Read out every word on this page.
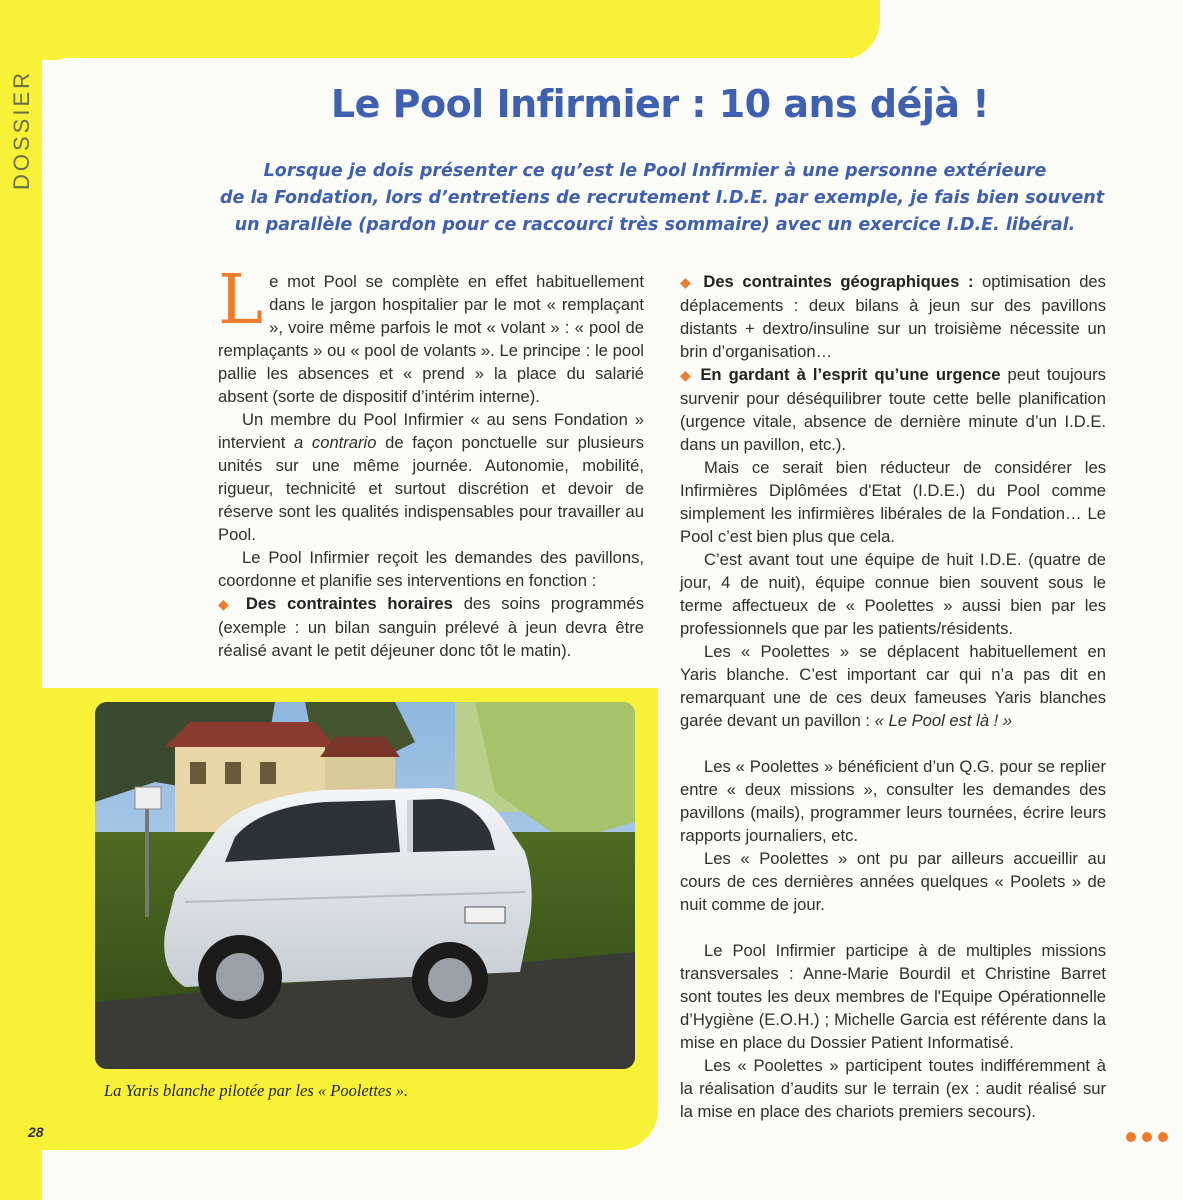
DOSSIER	Le Pool Infirmier : 10 ans déjà !

Lorsque je dois présenter ce qu’est le Pool Infirmier à une personne extérieure

de la Fondation, lors d’entretiens de recrutement I.D.E. par exemple, je fais bien souvent

un parallèle (pardon pour ce raccourci très sommaire) avec un exercice I.D.E. libéral.

Le mot Pool se complète en effet habituellement dans le jargon hospitalier par le mot « remplaçant », voire même parfois le mot « volant » : « pool de remplaçants » ou « pool de volants ». Le principe : le pool pallie les absences et « prend » la place du salarié absent (sorte de dispositif d’intérim interne).

Un membre du Pool Infirmier « au sens Fondation » intervient a contrario de façon ponctuelle sur plusieurs unités sur une même journée. Autonomie, mobilité, rigueur, technicité et surtout discrétion et devoir de réserve sont les qualités indispensables pour travailler au Pool.

Le Pool Infirmier reçoit les demandes des pavillons, coordonne et planifie ses interventions en fonction :

◆ Des contraintes horaires des soins programmés (exemple : un bilan sanguin prélevé à jeun devra être réalisé avant le petit déjeuner donc tôt le matin).

◆ Des contraintes géographiques : optimisation des déplacements : deux bilans à jeun sur des pavillons distants + dextro/insuline sur un troisième nécessite un brin d’organisation…

◆ En gardant à l’esprit qu’une urgence peut toujours survenir pour déséquilibrer toute cette belle planification (urgence vitale, absence de dernière minute d’un I.D.E. dans un pavillon, etc.).

Mais ce serait bien réducteur de considérer les Infirmières Diplômées d'Etat (I.D.E.) du Pool comme simplement les infirmières libérales de la Fondation… Le Pool c’est bien plus que cela.

C’est avant tout une équipe de huit I.D.E. (quatre de jour, 4 de nuit), équipe connue bien souvent sous le terme affectueux de « Poolettes » aussi bien par les professionnels que par les patients/résidents.

Les « Poolettes » se déplacent habituellement en Yaris blanche. C’est important car qui n’a pas dit en remarquant une de ces deux fameuses Yaris blanches garée devant un pavillon : « Le Pool est là ! »

Les « Poolettes » bénéficient d’un Q.G. pour se replier entre « deux missions », consulter les demandes des pavillons (mails), programmer leurs tournées, écrire leurs rapports journaliers, etc.

Les « Poolettes » ont pu par ailleurs accueillir au cours de ces dernières années quelques « Poolets » de nuit comme de jour.

Le Pool Infirmier participe à de multiples missions transversales : Anne-Marie Bourdil et Christine Barret sont toutes les deux membres de l'Equipe Opérationnelle d’Hygiène (E.O.H.) ; Michelle Garcia est référente dans la mise en place du Dossier Patient Informatisé.

Les « Poolettes » participent toutes indifféremment à la réalisation d’audits sur le terrain (ex : audit réalisé sur la mise en place des chariots premiers secours).

La Yaris blanche pilotée par les « Poolettes ».
28
